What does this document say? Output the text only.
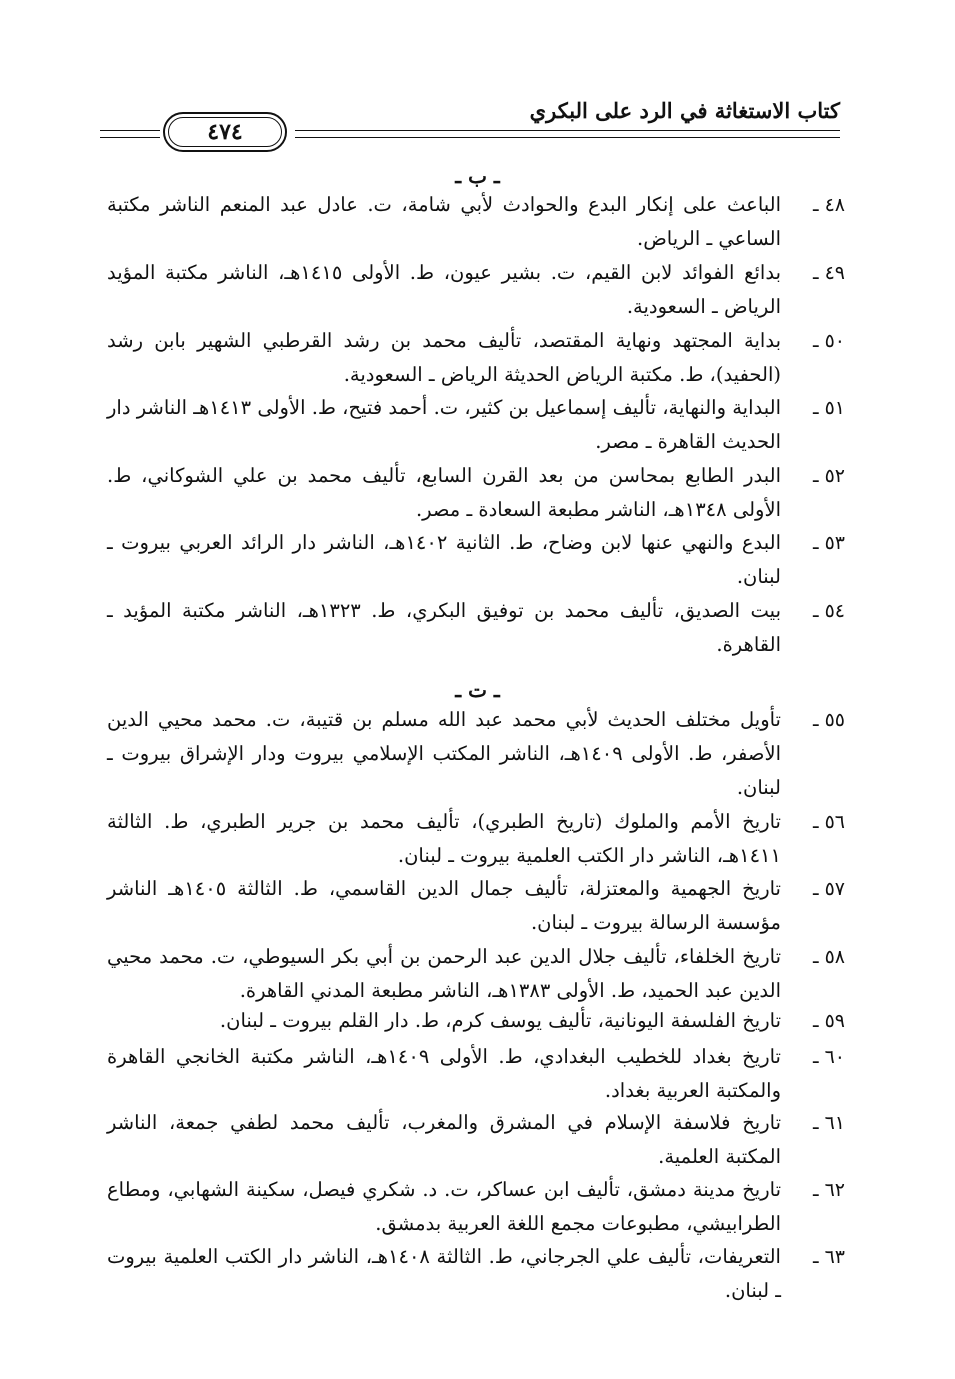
كتاب الاستغاثة في الرد على البكري
٤٧٤
ـ ب ـ
٤٨ ـ
الباعث على إنكار البدع والحوادث لأبي شامة، ت. عادل عبد المنعم الناشر مكتبة الساعي ـ الرياض.
٤٩ ـ
بدائع الفوائد لابن القيم، ت. بشير عيون، ط. الأولى ١٤١٥هـ، الناشر مكتبة المؤيد الرياض ـ السعودية.
٥٠ ـ
بداية المجتهد ونهاية المقتصد، تأليف محمد بن رشد القرطبي الشهير بابن رشد (الحفيد)، ط. مكتبة الرياض الحديثة الرياض ـ السعودية.
٥١ ـ
البداية والنهاية، تأليف إسماعيل بن كثير، ت. أحمد فتيح، ط. الأولى ١٤١٣هـ الناشر دار الحديث القاهرة ـ مصر.
٥٢ ـ
البدر الطابع بمحاسن من بعد القرن السابع، تأليف محمد بن علي الشوكاني، ط. الأولى ١٣٤٨هـ، الناشر مطبعة السعادة ـ مصر.
٥٣ ـ
البدع والنهي عنها لابن وضاح، ط. الثانية ١٤٠٢هـ، الناشر دار الرائد العربي بيروت ـ لبنان.
٥٤ ـ
بيت الصديق، تأليف محمد بن توفيق البكري، ط. ١٣٢٣هـ، الناشر مكتبة المؤيد ـ القاهرة.
ـ ت ـ
٥٥ ـ
تأويل مختلف الحديث لأبي محمد عبد الله مسلم بن قتيبة، ت. محمد محيي الدين الأصفر، ط. الأولى ١٤٠٩هـ، الناشر المكتب الإسلامي بيروت ودار الإشراق بيروت ـ لبنان.
٥٦ ـ
تاريخ الأمم والملوك (تاريخ الطبري)، تأليف محمد بن جرير الطبري، ط. الثالثة ١٤١١هـ، الناشر دار الكتب العلمية بيروت ـ لبنان.
٥٧ ـ
تاريخ الجهمية والمعتزلة، تأليف جمال الدين القاسمي، ط. الثالثة ١٤٠٥هـ الناشر مؤسسة الرسالة بيروت ـ لبنان.
٥٨ ـ
تاريخ الخلفاء، تأليف جلال الدين عبد الرحمن بن أبي بكر السيوطي، ت. محمد محيي الدين عبد الحميد، ط. الأولى ١٣٨٣هـ، الناشر مطبعة المدني القاهرة.
٥٩ ـ
تاريخ الفلسفة اليونانية، تأليف يوسف كرم، ط. دار القلم بيروت ـ لبنان.
٦٠ ـ
تاريخ بغداد للخطيب البغدادي، ط. الأولى ١٤٠٩هـ، الناشر مكتبة الخانجي القاهرة والمكتبة العربية بغداد.
٦١ ـ
تاريخ فلاسفة الإسلام في المشرق والمغرب، تأليف محمد لطفي جمعة، الناشر المكتبة العلمية.
٦٢ ـ
تاريخ مدينة دمشق، تأليف ابن عساكر، ت. د. شكري فيصل، سكينة الشهابي، ومطاع الطرابيشي، مطبوعات مجمع اللغة العربية بدمشق.
٦٣ ـ
التعريفات، تأليف علي الجرجاني، ط. الثالثة ١٤٠٨هـ، الناشر دار الكتب العلمية بيروت ـ لبنان.
